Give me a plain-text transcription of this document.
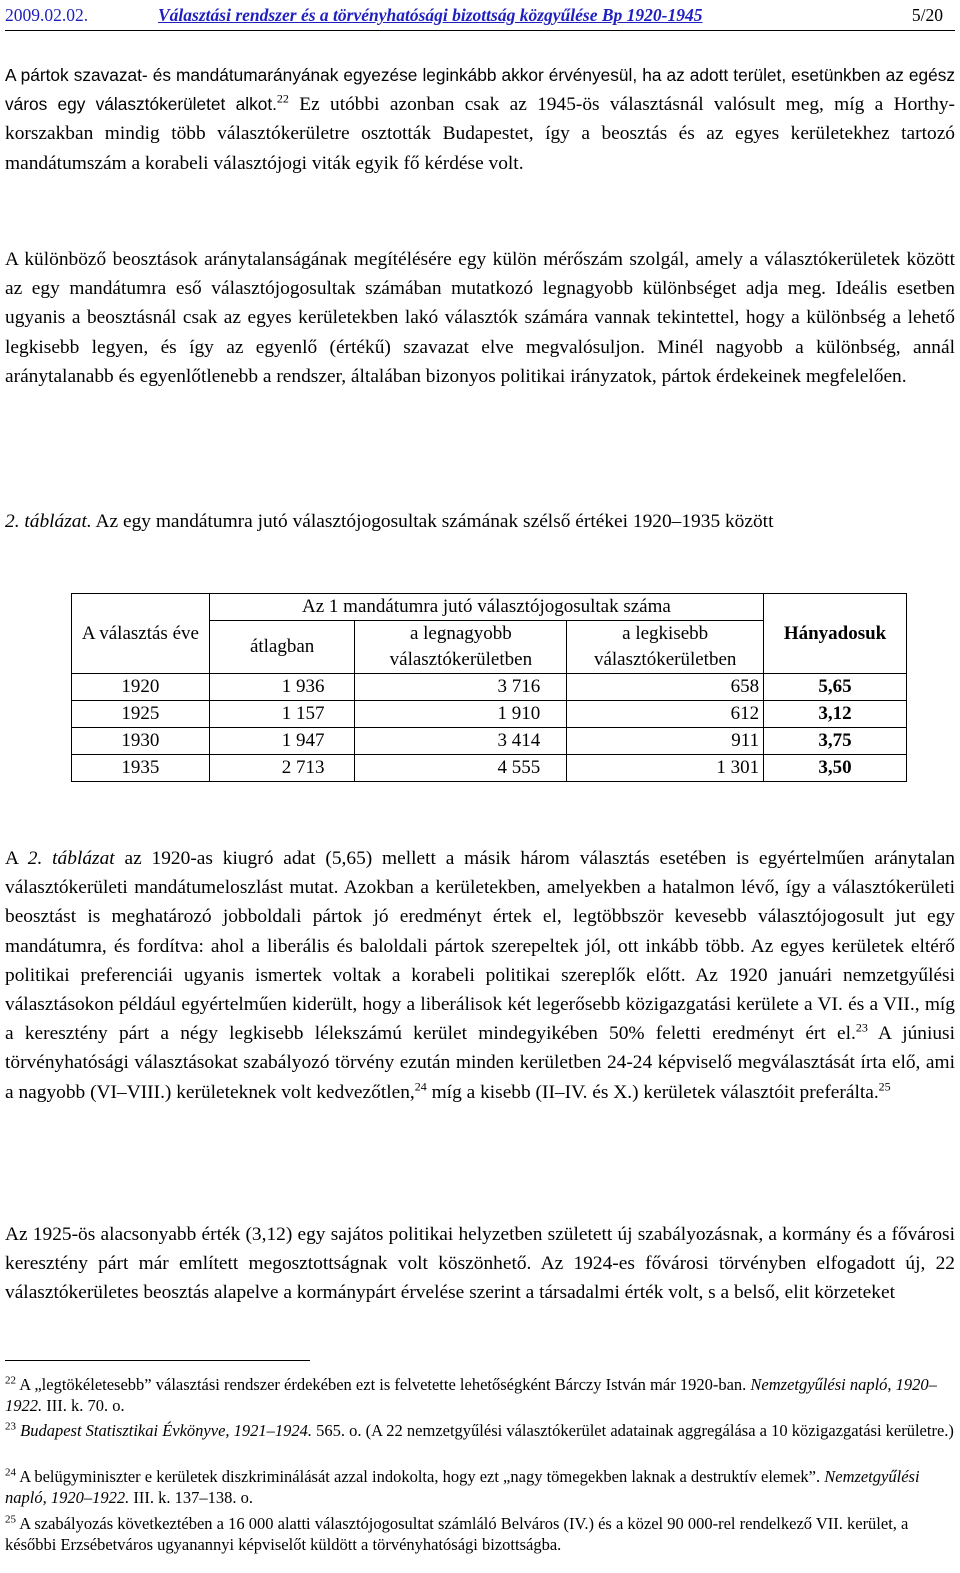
2009.02.02.	Választási rendszer és a törvényhatósági bizottság közgyűlése Bp 1920-1945	5/20

A pártok szavazat- és mandátumarányának egyezése leginkább akkor érvényesül, ha az adott terület, esetünkben az egész város egy választókerületet alkot.$^{22}$ Ez utóbbi azonban csak az 1945-ös választásnál valósult meg, míg a Horthy-korszakban mindig több választókerületre osztották Budapestet, így a beosztás és az egyes kerületekhez tartozó mandátumszám a korabeli választójogi viták egyik fő kérdése volt.

A különböző beosztások aránytalanságának megítélésére egy külön mérőszám szolgál, amely a választókerületek között az egy mandátumra eső választójogosultak számában mutatkozó legnagyobb különbséget adja meg. Ideális esetben ugyanis a beosztásnál csak az egyes kerületekben lakó választók számára vannak tekintettel, hogy a különbség a lehető legkisebb legyen, és így az egyenlő (értékű) szavazat elve megvalósuljon. Minél nagyobb a különbség, annál aránytalanabb és egyenlőtlenebb a rendszer, általában bizonyos politikai irányzatok, pártok érdekeinek megfelelően.

2. táblázat. Az egy mandátumra jutó választójogosultak számának szélső értékei 1920–1935 között

A választás éve	Az 1 mandátumra jutó választójogosultak száma			Hányadosuk
	átlagban	a legnagyobb választókerületben	a legkisebb választókerületben	
1920	1 936	3 716	658	5,65
1925	1 157	1 910	612	3,12
1930	1 947	3 414	911	3,75
1935	2 713	4 555	1 301	3,50

A 2. táblázat az 1920-as kiugró adat (5,65) mellett a másik három választás esetében is egyértelműen aránytalan választókerületi mandátumeloszlást mutat. Azokban a kerületekben, amelyekben a hatalmon lévő, így a választókerületi beosztást is meghatározó jobboldali pártok jó eredményt értek el, legtöbbször kevesebb választójogosult jut egy mandátumra, és fordítva: ahol a liberális és baloldali pártok szerepeltek jól, ott inkább több. Az egyes kerületek eltérő politikai preferenciái ugyanis ismertek voltak a korabeli politikai szereplők előtt. Az 1920 januári nemzetgyűlési választásokon például egyértelműen kiderült, hogy a liberálisok két legerősebb közigazgatási kerülete a VI. és a VII., míg a keresztény párt a négy legkisebb lélekszámú kerület mindegyikében 50% feletti eredményt ért el.$^{23}$ A júniusi törvényhatósági választásokat szabályozó törvény ezután minden kerületben 24-24 képviselő megválasztását írta elő, ami a nagyobb (VI–VIII.) kerületeknek volt kedvezőtlen,$^{24}$ míg a kisebb (II–IV. és X.) kerületek választóit preferálta.$^{25}$

Az 1925-ös alacsonyabb érték (3,12) egy sajátos politikai helyzetben született új szabályozásnak, a kormány és a fővárosi keresztény párt már említett megosztottságnak volt köszönhető. Az 1924-es fővárosi törvényben elfogadott új, 22 választókerületes beosztás alapelve a kormánypárt érvelése szerint a társadalmi érték volt, s a belső, elit körzeteket

$^{22}$ A „legtökéletesebb” választási rendszer érdekében ezt is felvetette lehetőségként Bárczy István már 1920-ban. Nemzetgyűlési napló, 1920–1922. III. k. 70. o.

$^{23}$ Budapest Statisztikai Évkönyve, 1921–1924. 565. o. (A 22 nemzetgyűlési választókerület adatainak aggregálása a 10 közigazgatási kerületre.)

$^{24}$ A belügyminiszter e kerületek diszkriminálását azzal indokolta, hogy ezt „nagy tömegekben laknak a destruktív elemek”. Nemzetgyűlési napló, 1920–1922. III. k. 137–138. o.

$^{25}$ A szabályozás következtében a 16 000 alatti választójogosultat számláló Belváros (IV.) és a közel 90 000-rel rendelkező VII. kerület, a későbbi Erzsébetváros ugyanannyi képviselőt küldött a törvényhatósági bizottságba.
